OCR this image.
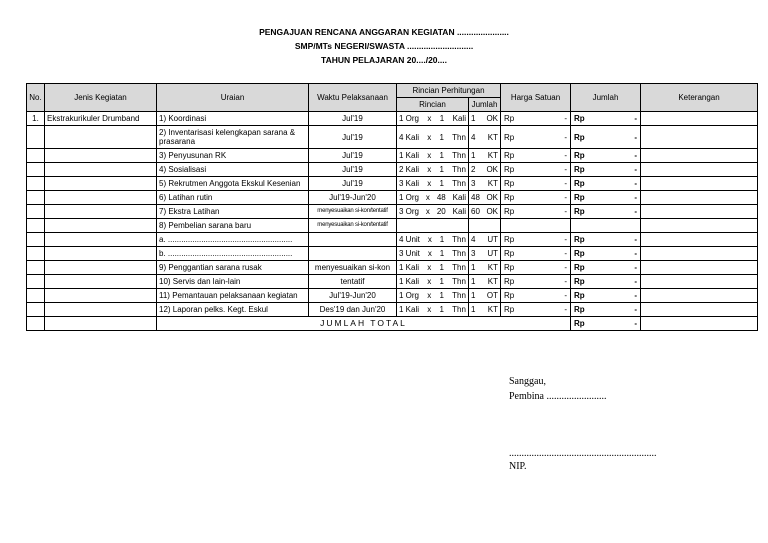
PENGAJUAN RENCANA ANGGARAN KEGIATAN ......................
SMP/MTs NEGERI/SWASTA ............................
TAHUN PELAJARAN 20..../20....
No.	Jenis Kegiatan	Uraian	Waktu Pelaksanaan	Rincian Perhitungan		Harga Satuan	Jumlah	Keterangan
				Rincian	Jumlah			
1.	Ekstrakurikuler Drumband	1) Koordinasi	Jul'19	1 Org x 1 Kali	1 OK	Rp -	Rp -	

		2) Inventarisasi kelengkapan sarana & prasarana	Jul'19	4 Kali x 1 Thn	4 KT	Rp -	Rp -	

		3) Penyusunan RK	Jul'19	1 Kali x 1 Thn	1 KT	Rp -	Rp -	

		4) Sosialisasi	Jul'19	2 Kali x 1 Thn	2 OK	Rp -	Rp -	

		5) Rekrutmen Anggota Ekskul Kesenian	Jul'19	3 Kali x 1 Thn	3 KT	Rp -	Rp -	

		6) Latihan rutin	Jul'19-Jun'20	1 Org x 48 Kali	48 OK	Rp -	Rp -	

		7) Ekstra Latihan	menyesuaikan si-kon/tentatif	3 Org x 20 Kali	60 OK	Rp -	Rp -	

		8) Pembelian sarana baru	menyesuaikan si-kon/tentatif	

		a. ........................................................		4 Unit x 1 Thn	4 UT	Rp -	Rp -	

		b. ........................................................		3 Unit x 1 Thn	3 UT	Rp -	Rp -	

		9) Penggantian sarana rusak	menyesuaikan si-kon	1 Kali x 1 Thn	1 KT	Rp -	Rp -	

		10) Servis dan lain-lain	tentatif	1 Kali x 1 Thn	1 KT	Rp -	Rp -	

		11) Pemantauan pelaksanaan kegiatan	Jul'19-Jun'20	1 Org x 1 Thn	1 OT	Rp -	Rp -	

		12) Laporan pelks. Kegt. Eskul	Des'19 dan Jun'20	1 Kali x 1 Thn	1 KT	Rp -	Rp -	

		JUMLAH TOTAL					Rp -	

Sanggau,
Pembina ........................
...........................................................
NIP.
